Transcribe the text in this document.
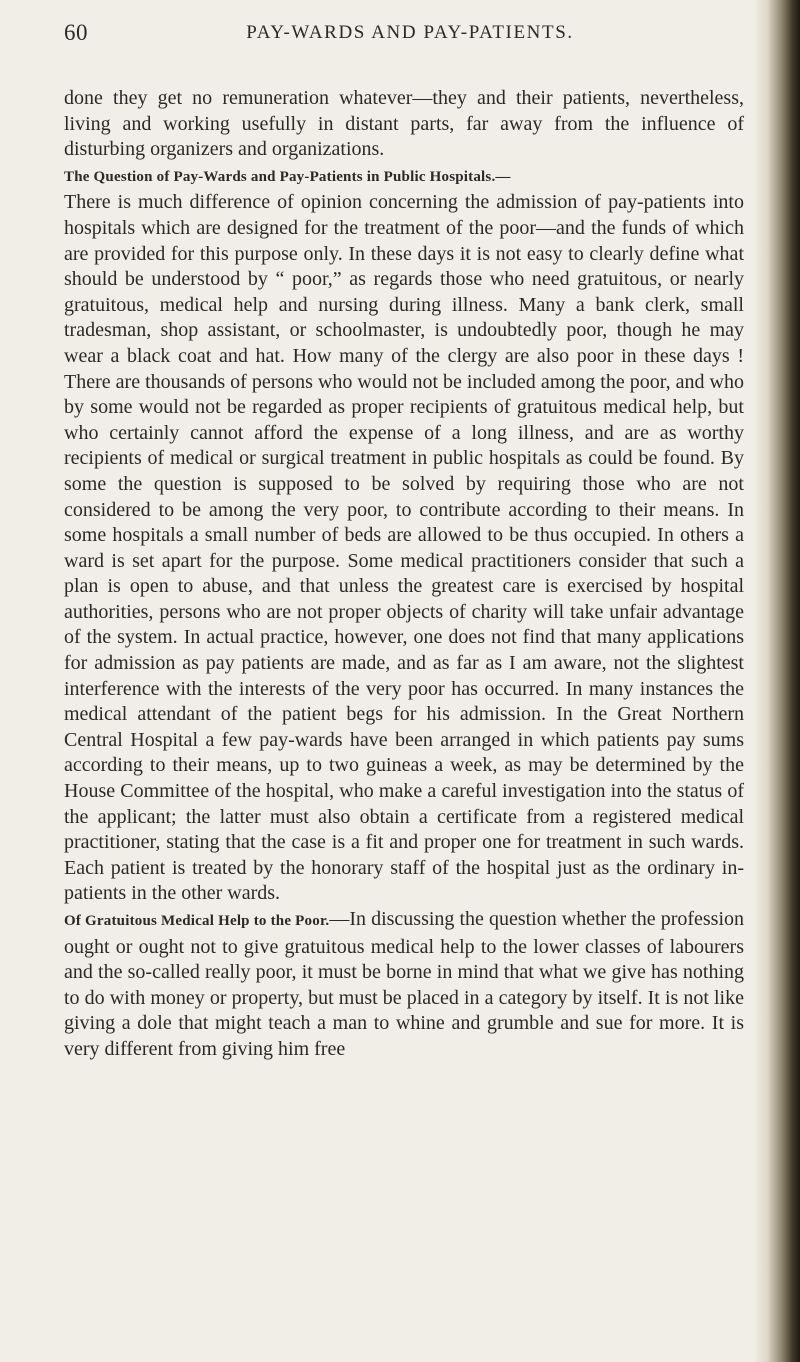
60	PAY-WARDS AND PAY-PATIENTS.

done they get no remuneration whatever—they and their patients, nevertheless, living and working usefully in distant parts, far away from the influence of disturbing organizers and organizations.

The Question of Pay-Wards and Pay-Patients in Public Hospitals.—
There is much difference of opinion concerning the admission of pay-patients into hospitals which are designed for the treatment of the poor—and the funds of which are provided for this purpose only. In these days it is not easy to clearly define what should be understood by “ poor,” as regards those who need gratuitous, or nearly gratuitous, medical help and nursing during illness. Many a bank clerk, small tradesman, shop assistant, or schoolmaster, is undoubtedly poor, though he may wear a black coat and hat. How many of the clergy are also poor in these days ! There are thousands of persons who would not be included among the poor, and who by some would not be regarded as proper recipients of gratuitous medical help, but who certainly cannot afford the expense of a long illness, and are as worthy recipients of medical or surgical treatment in public hospitals as could be found. By some the question is supposed to be solved by requiring those who are not considered to be among the very poor, to contribute according to their means. In some hospitals a small number of beds are allowed to be thus occupied. In others a ward is set apart for the purpose. Some medical practitioners consider that such a plan is open to abuse, and that unless the greatest care is exercised by hospital authorities, persons who are not proper objects of charity will take unfair advantage of the system. In actual practice, however, one does not find that many applications for admission as pay patients are made, and as far as I am aware, not the slightest interference with the interests of the very poor has occurred. In many instances the medical attendant of the patient begs for his admission. In the Great Northern Central Hospital a few pay-wards have been arranged in which patients pay sums according to their means, up to two guineas a week, as may be determined by the House Committee of the hospital, who make a careful investigation into the status of the applicant; the latter must also obtain a certificate from a registered medical practitioner, stating that the case is a fit and proper one for treatment in such wards. Each patient is treated by the honorary staff of the hospital just as the ordinary in-patients in the other wards.

Of Gratuitous Medical Help to the Poor.—In discussing the question whether the profession ought or ought not to give gratuitous medical help to the lower classes of labourers and the so-called really poor, it must be borne in mind that what we give has nothing to do with money or property, but must be placed in a category by itself. It is not like giving a dole that might teach a man to whine and grumble and sue for more. It is very different from giving him free
